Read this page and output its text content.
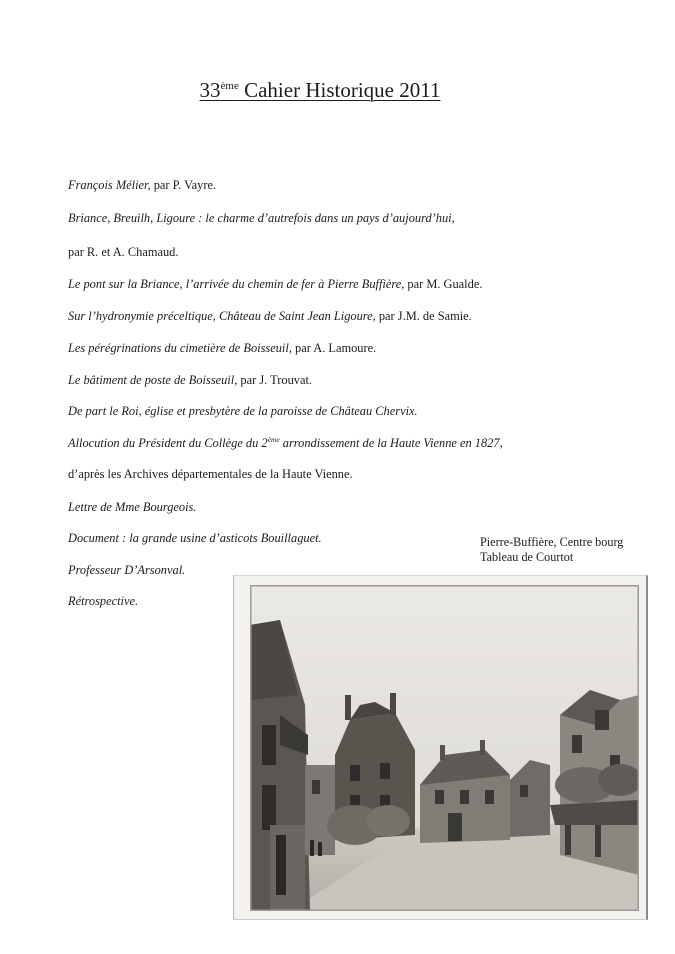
33ème Cahier Historique 2011
François Mélier, par P. Vayre.
Briance, Breuilh, Ligoure : le charme d’autrefois dans un pays d’aujourd’hui,
par R. et A. Chamaud.
Le pont sur la Briance, l’arrivée du chemin de fer à Pierre Buffière, par M. Gualde.
Sur l’hydronymie préceltique, Château de Saint Jean Ligoure, par J.M. de Samie.
Les pérégrinations du cimetière de Boisseuil, par A. Lamoure.
Le bâtiment de poste de Boisseuil, par J. Trouvat.
De part le Roi, église et presbytère de la paroisse de Château Chervix.
Allocution du Président du Collège du 2ème arrondissement de la Haute Vienne en 1827,
d’après les Archives départementales de la Haute Vienne.
Lettre de Mme Bourgeois.
Document : la grande usine d’asticots Bouillaguet.
Professeur D’Arsonval.
Rétrospective.
Pierre-Buffière, Centre bourg
Tableau de Courtot
